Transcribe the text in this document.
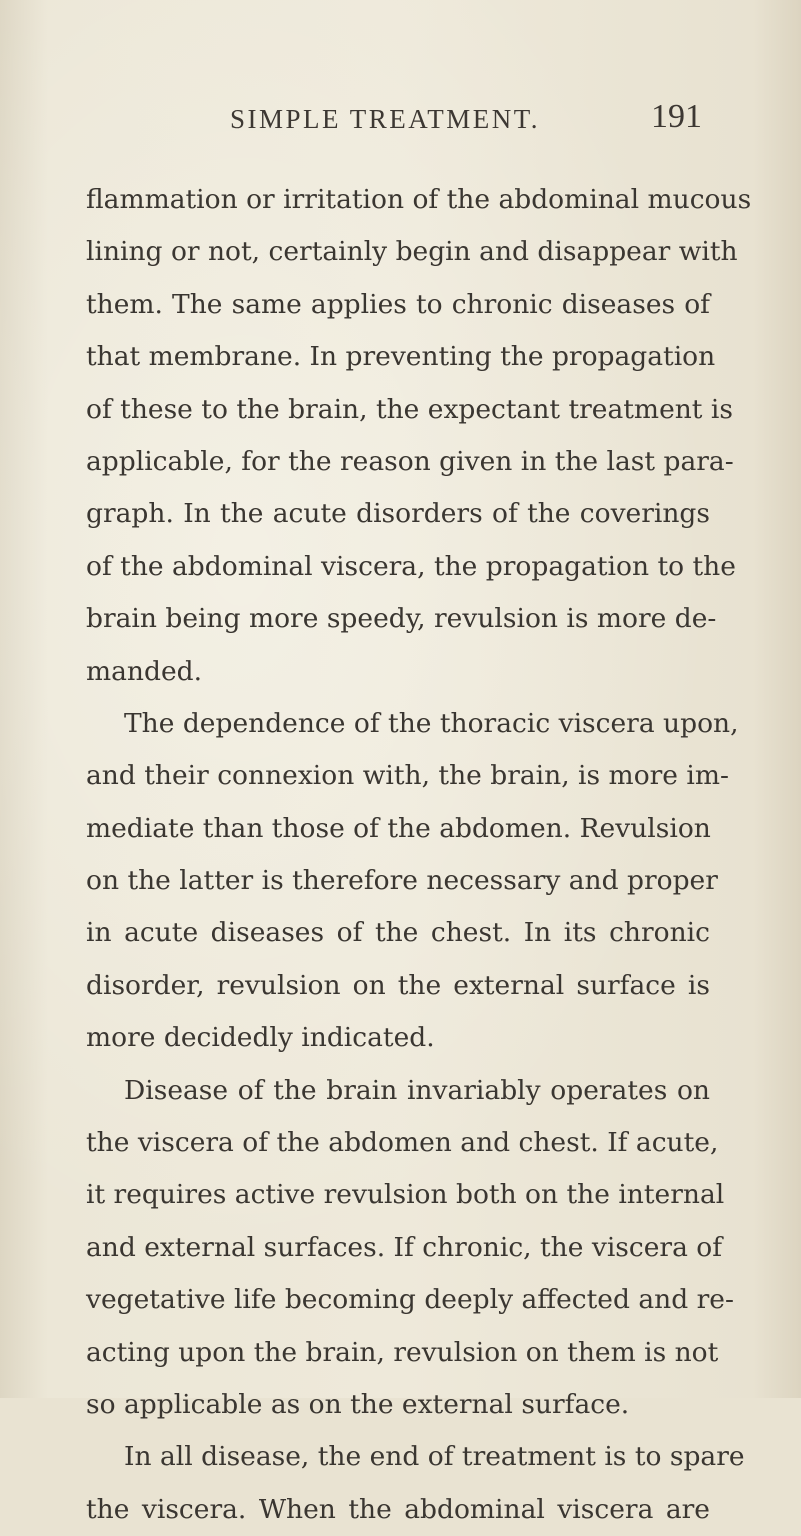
SIMPLE TREATMENT.	191
flammation or irritation of the abdominal mucous
lining or not, certainly begin and disappear with
them. The same applies to chronic diseases of
that membrane. In preventing the propagation
of these to the brain, the expectant treatment is
applicable, for the reason given in the last para-
graph. In the acute disorders of the coverings
of the abdominal viscera, the propagation to the
brain being more speedy, revulsion is more de-
manded.
The dependence of the thoracic viscera upon,
and their connexion with, the brain, is more im-
mediate than those of the abdomen. Revulsion
on the latter is therefore necessary and proper
in acute diseases of the chest. In its chronic
disorder, revulsion on the external surface is
more decidedly indicated.
Disease of the brain invariably operates on
the viscera of the abdomen and chest. If acute,
it requires active revulsion both on the internal
and external surfaces. If chronic, the viscera of
vegetative life becoming deeply affected and re-
acting upon the brain, revulsion on them is not
so applicable as on the external surface.
In all disease, the end of treatment is to spare
the viscera. When the abdominal viscera are
